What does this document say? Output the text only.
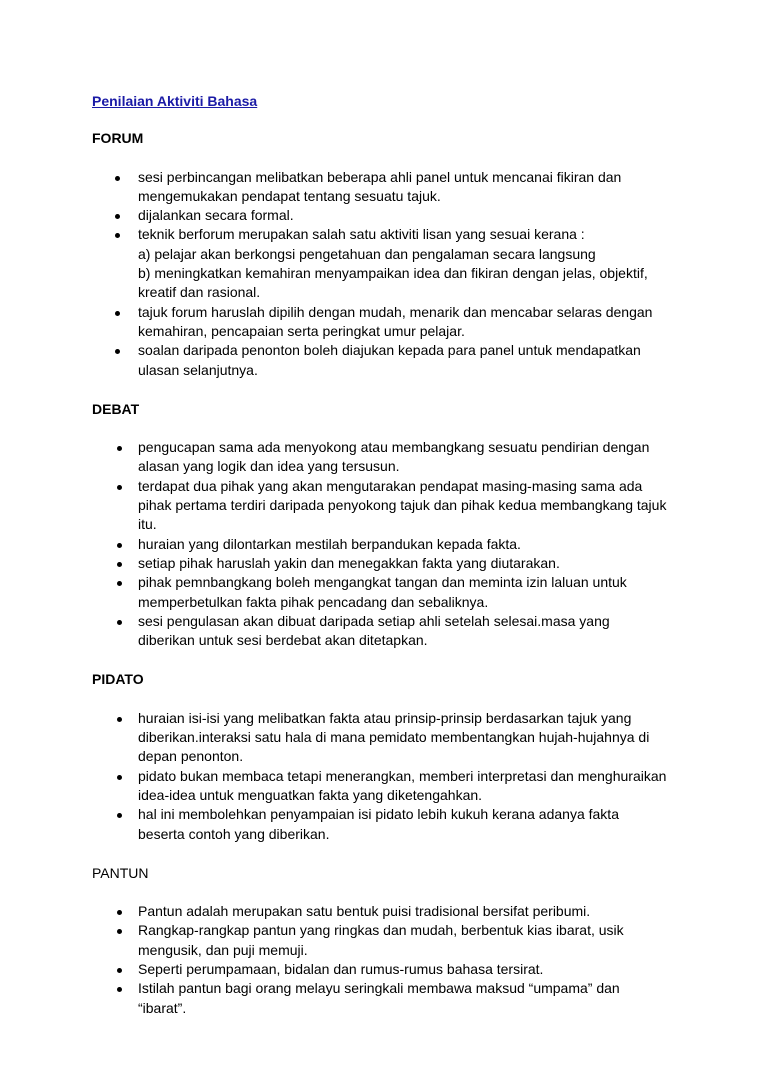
Penilaian Aktiviti Bahasa
FORUM
sesi perbincangan melibatkan beberapa ahli panel untuk mencanai fikiran dan
mengemukakan pendapat tentang sesuatu tajuk.
dijalankan secara formal.
teknik berforum merupakan salah satu aktiviti lisan yang sesuai kerana :
a) pelajar akan berkongsi pengetahuan dan pengalaman secara langsung
b) meningkatkan kemahiran menyampaikan idea dan fikiran dengan jelas, objektif,
kreatif dan rasional.
tajuk forum haruslah dipilih dengan mudah, menarik dan mencabar selaras dengan
kemahiran, pencapaian serta peringkat umur pelajar.
soalan daripada penonton boleh diajukan kepada para panel untuk mendapatkan
ulasan selanjutnya.
DEBAT
pengucapan sama ada menyokong atau membangkang sesuatu pendirian dengan
alasan yang logik dan idea yang tersusun.
terdapat dua pihak yang akan mengutarakan pendapat masing-masing sama ada
pihak pertama terdiri daripada penyokong tajuk dan pihak kedua membangkang tajuk
itu.
huraian yang dilontarkan mestilah berpandukan kepada fakta.
setiap pihak haruslah yakin dan menegakkan fakta yang diutarakan.
pihak pemnbangkang boleh mengangkat tangan dan meminta izin laluan untuk
memperbetulkan fakta pihak pencadang dan sebaliknya.
sesi pengulasan akan dibuat daripada setiap ahli setelah selesai.masa yang
diberikan untuk sesi berdebat akan ditetapkan.
PIDATO
huraian isi-isi yang melibatkan fakta atau prinsip-prinsip berdasarkan tajuk yang
diberikan.interaksi satu hala di mana pemidato membentangkan hujah-hujahnya di
depan penonton.
pidato bukan membaca tetapi menerangkan, memberi interpretasi dan menghuraikan
idea-idea untuk menguatkan fakta yang diketengahkan.
hal ini membolehkan penyampaian isi pidato lebih kukuh kerana adanya fakta
beserta contoh yang diberikan.
PANTUN
Pantun adalah merupakan satu bentuk puisi tradisional bersifat peribumi.
Rangkap-rangkap pantun yang ringkas dan mudah, berbentuk kias ibarat, usik
mengusik, dan puji memuji.
Seperti perumpamaan, bidalan dan rumus-rumus bahasa tersirat.
Istilah pantun bagi orang melayu seringkali membawa maksud “umpama” dan
“ibarat”.
